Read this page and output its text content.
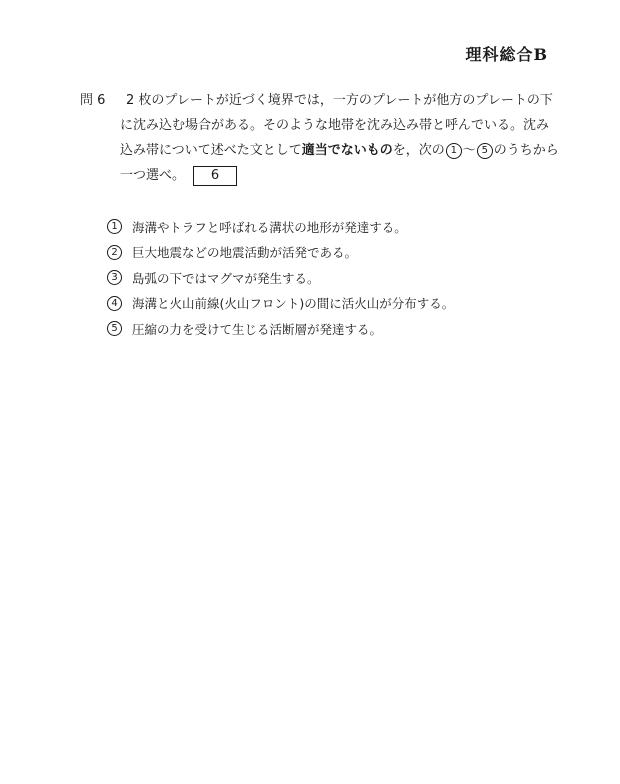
理科総合B
問 6	2 枚のプレートが近づく境界では，一方のプレートが他方のプレートの下に沈み込む場合がある。そのような地帯を沈み込み帯と呼んでいる。沈み込み帯について述べた文として適当でないものを，次の 1 ～ 5 のうちから一つ選べ。 6
1	海溝やトラフと呼ばれる溝状の地形が発達する。
2	巨大地震などの地震活動が活発である。
3	島弧の下ではマグマが発生する。
4	海溝と火山前線(火山フロント)の間に活火山が分布する。
5	圧縮の力を受けて生じる活断層が発達する。
